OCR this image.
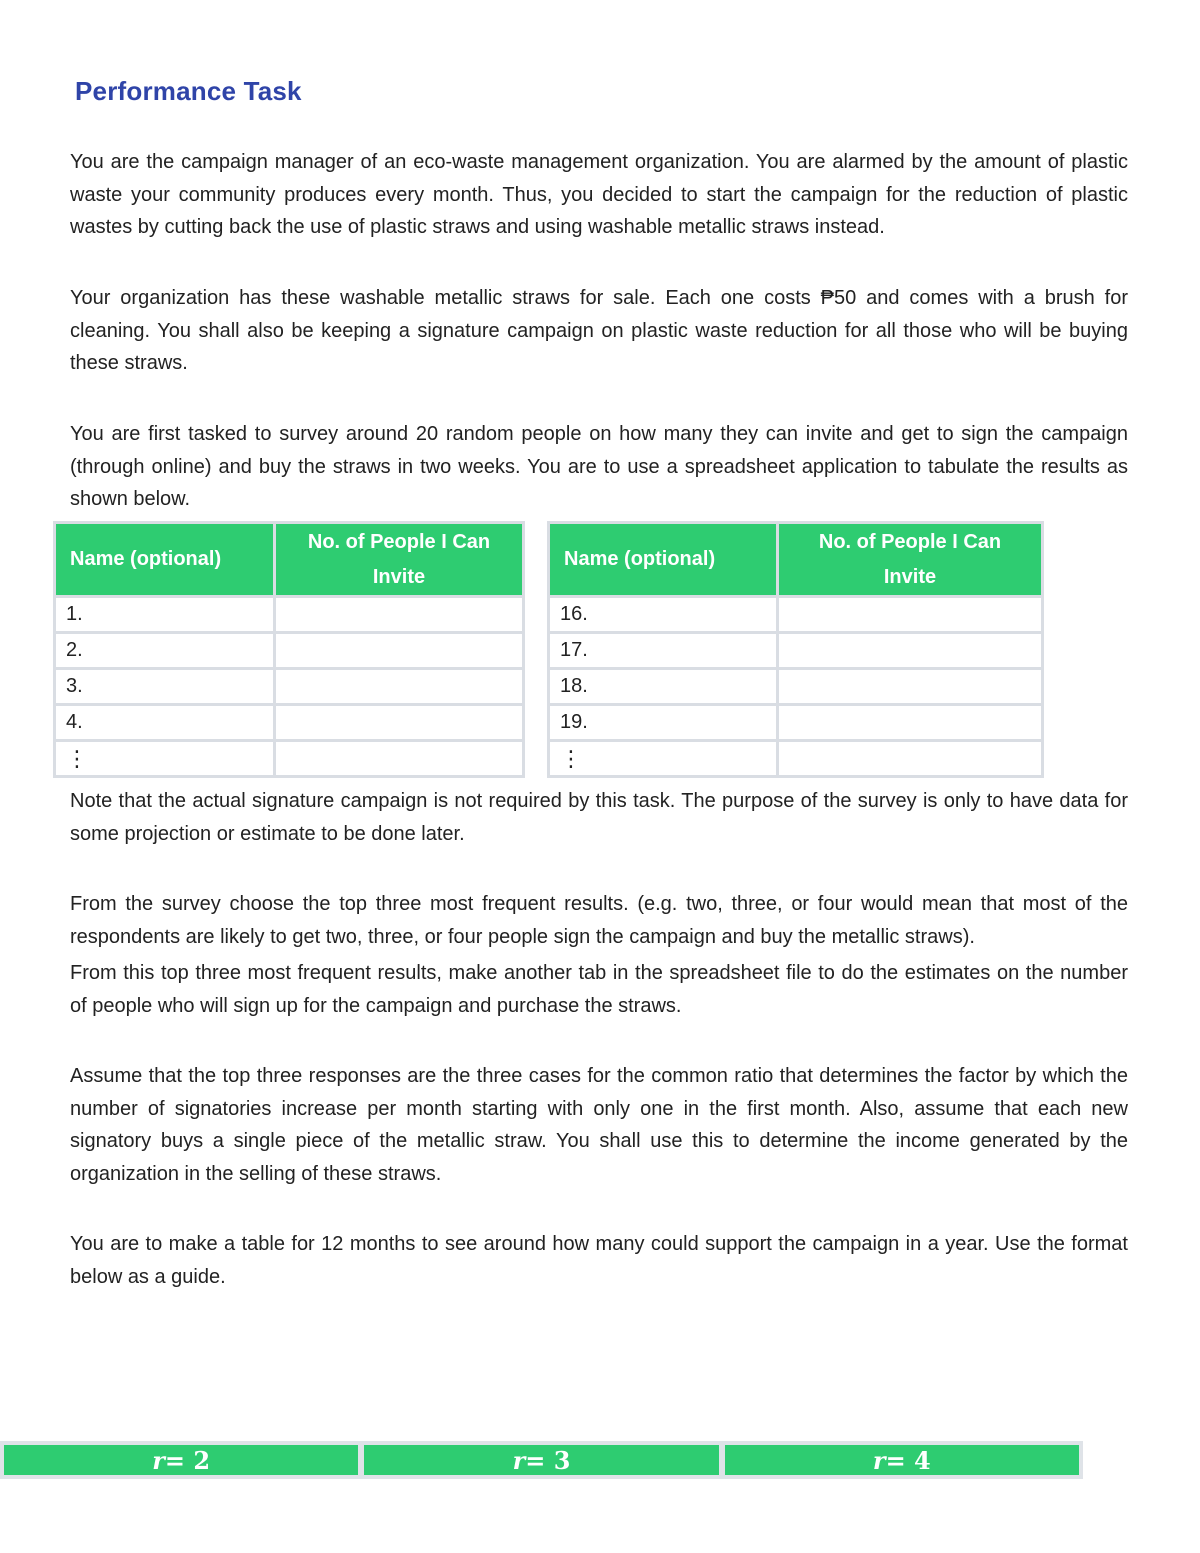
Performance Task

You are the campaign manager of an eco-waste management organization. You are alarmed by the amount of plastic waste your community produces every month. Thus, you decided to start the campaign for the reduction of plastic wastes by cutting back the use of plastic straws and using washable metallic straws instead.

Your organization has these washable metallic straws for sale. Each one costs ₱50 and comes with a brush for cleaning. You shall also be keeping a signature campaign on plastic waste reduction for all those who will be buying these straws.

You are first tasked to survey around 20 random people on how many they can invite and get to sign the campaign (through online) and buy the straws in two weeks. You are to use a spreadsheet application to tabulate the results as shown below.

Name (optional)	No. of People I Can Invite
1.	
2.	
3.	
4.	
⋮	
Name (optional)	No. of People I Can Invite
16.	
17.	
18.	
19.	
⋮	

Note that the actual signature campaign is not required by this task. The purpose of the survey is only to have data for some projection or estimate to be done later.

From the survey choose the top three most frequent results. (e.g. two, three, or four would mean that most of the respondents are likely to get two, three, or four people sign the campaign and buy the metallic straws).

From this top three most frequent results, make another tab in the spreadsheet file to do the estimates on the number of people who will sign up for the campaign and purchase the straws.

Assume that the top three responses are the three cases for the common ratio that determines the factor by which the number of signatories increase per month starting with only one in the first month. Also, assume that each new signatory buys a single piece of the metallic straw. You shall use this to determine the income generated by the organization in the selling of these straws.

You are to make a table for 12 months to see around how many could support the campaign in a year. Use the format below as a guide.

r = 2	r = 3	r = 4
